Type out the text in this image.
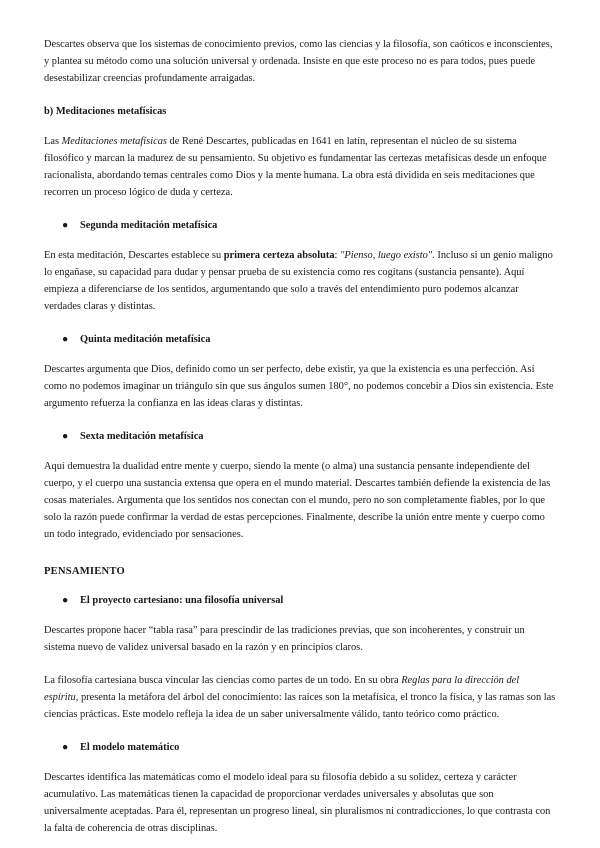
Descartes observa que los sistemas de conocimiento previos, como las ciencias y la filosofía, son caóticos e inconscientes, y plantea su método como una solución universal y ordenada. Insiste en que este proceso no es para todos, pues puede desestabilizar creencias profundamente arraigadas.

b) Meditaciones metafísicas

Las Meditaciones metafísicas de René Descartes, publicadas en 1641 en latín, representan el núcleo de su sistema filosófico y marcan la madurez de su pensamiento. Su objetivo es fundamentar las certezas metafísicas desde un enfoque racionalista, abordando temas centrales como Dios y la mente humana. La obra está dividida en seis meditaciones que recorren un proceso lógico de duda y certeza.

●	Segunda meditación metafísica

En esta meditación, Descartes establece su primera certeza absoluta: "Pienso, luego existo". Incluso si un genio maligno lo engañase, su capacidad para dudar y pensar prueba de su existencia como res cogitans (sustancia pensante). Aquí empieza a diferenciarse de los sentidos, argumentando que solo a través del entendimiento puro podemos alcanzar verdades claras y distintas.

●	Quinta meditación metafísica

Descartes argumenta que Dios, definido como un ser perfecto, debe existir, ya que la existencia es una perfección. Así como no podemos imaginar un triángulo sin que sus ángulos sumen 180°, no podemos concebir a Dios sin existencia. Este argumento refuerza la confianza en las ideas claras y distintas.

●	Sexta meditación metafísica

Aquí demuestra la dualidad entre mente y cuerpo, siendo la mente (o alma) una sustancia pensante independiente del cuerpo, y el cuerpo una sustancia extensa que opera en el mundo material. Descartes también defiende la existencia de las cosas materiales. Argumenta que los sentidos nos conectan con el mundo, pero no son completamente fiables, por lo que solo la razón puede confirmar la verdad de estas percepciones. Finalmente, describe la unión entre mente y cuerpo como un todo integrado, evidenciado por sensaciones.

PENSAMIENTO
●	El proyecto cartesiano: una filosofía universal

Descartes propone hacer “tabla rasa” para prescindir de las tradiciones previas, que son incoherentes, y construir un sistema nuevo de validez universal basado en la razón y en principios claros.

La filosofía cartesiana busca vincular las ciencias como partes de un todo. En su obra Reglas para la dirección del espíritu, presenta la metáfora del árbol del conocimiento: las raíces son la metafísica, el tronco la física, y las ramas son las ciencias prácticas. Este modelo refleja la idea de un saber universalmente válido, tanto teórico como práctico.

●	El modelo matemático

Descartes identifica las matemáticas como el modelo ideal para su filosofía debido a su solidez, certeza y carácter acumulativo. Las matemáticas tienen la capacidad de proporcionar verdades universales y absolutas que son universalmente aceptadas. Para él, representan un progreso lineal, sin pluralismos ni contradicciones, lo que contrasta con la falta de coherencia de otras disciplinas.
